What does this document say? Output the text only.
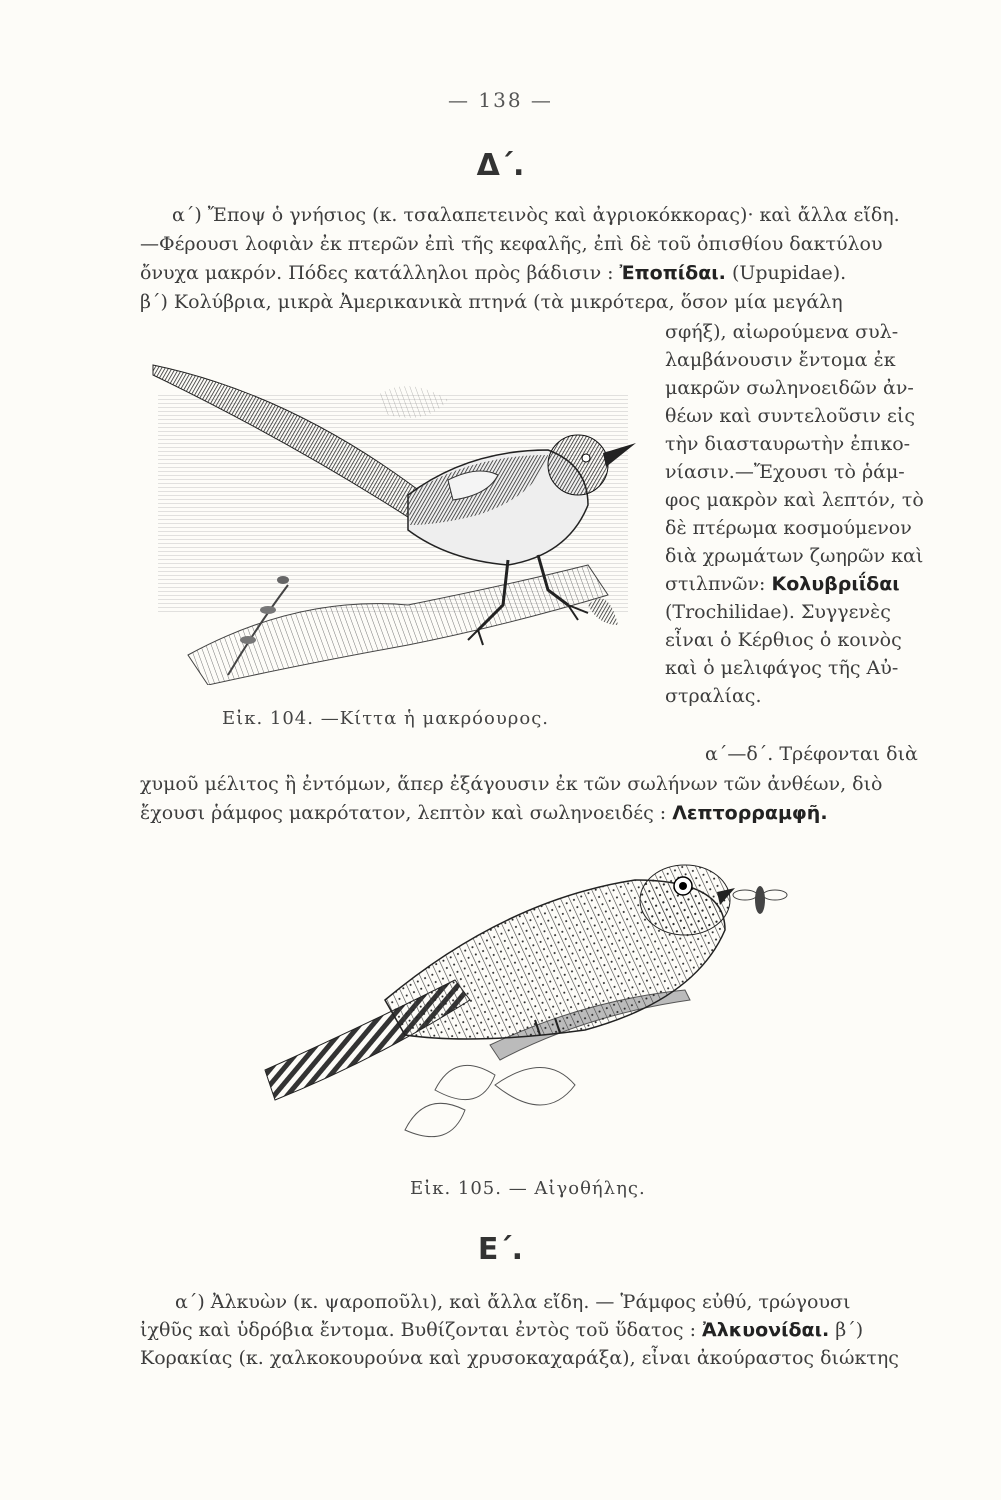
— 138 —
Δ΄.
α΄) Ἔποψ ὁ γνήσιος (κ. τσαλαπετεινὸς καὶ ἀγριοκόκκορας)· καὶ ἄλλα εἴδη.
—Φέρουσι λοφιὰν ἐκ πτερῶν ἐπὶ τῆς κεφαλῆς, ἐπὶ δὲ τοῦ ὀπισθίου δακτύλου
ὄνυχα μακρόν. Πόδες κατάλληλοι πρὸς βάδισιν : Ἐποπίδαι. (Upupidae).
β΄) Κολύβρια, μικρὰ Ἀμερικανικὰ πτηνά (τὰ μικρότερα, ὅσον μία μεγάλη
σφήξ), αἰωρούμενα συλ-
λαμβάνουσιν ἔντομα ἐκ
μακρῶν σωληνοειδῶν ἀν-
θέων καὶ συντελοῦσιν εἰς
τὴν διασταυρωτὴν ἐπικο-
νίασιν.—Ἔχουσι τὸ ῥάμ-
φος μακρὸν καὶ λεπτόν, τὸ
δὲ πτέρωμα κοσμούμενον
διὰ χρωμάτων ζωηρῶν καὶ
στιλπνῶν: Κολυβριΐδαι
(Trochilidae). Συγγενὲς
εἶναι ὁ Κέρθιος ὁ κοινὸς
καὶ ὁ μελιφάγος τῆς Αὐ-
στραλίας.
Εἰκ. 104. —Κίττα ἡ μακρόουρος.
α΄—δ΄. Τρέφονται διὰ
χυμοῦ μέλιτος ἢ ἐντόμων, ἅπερ ἐξάγουσιν ἐκ τῶν σωλήνων τῶν ἀνθέων, διὸ
ἔχουσι ῥάμφος μακρότατον, λεπτὸν καὶ σωληνοειδές : Λεπτορραμφῆ.
Εἰκ. 105. — Αἰγοθήλης.
Ε΄.
α΄) Ἀλκυὼν (κ. ψαροποῦλι), καὶ ἄλλα εἴδη. — Ῥάμφος εὐθύ, τρώγουσι
ἰχθῦς καὶ ὑδρόβια ἔντομα. Βυθίζονται ἐντὸς τοῦ ὕδατος : Ἀλκυονίδαι. β΄)
Κορακίας (κ. χαλκοκουρούνα καὶ χρυσοκαχαράξα), εἶναι ἀκούραστος διώκτης
